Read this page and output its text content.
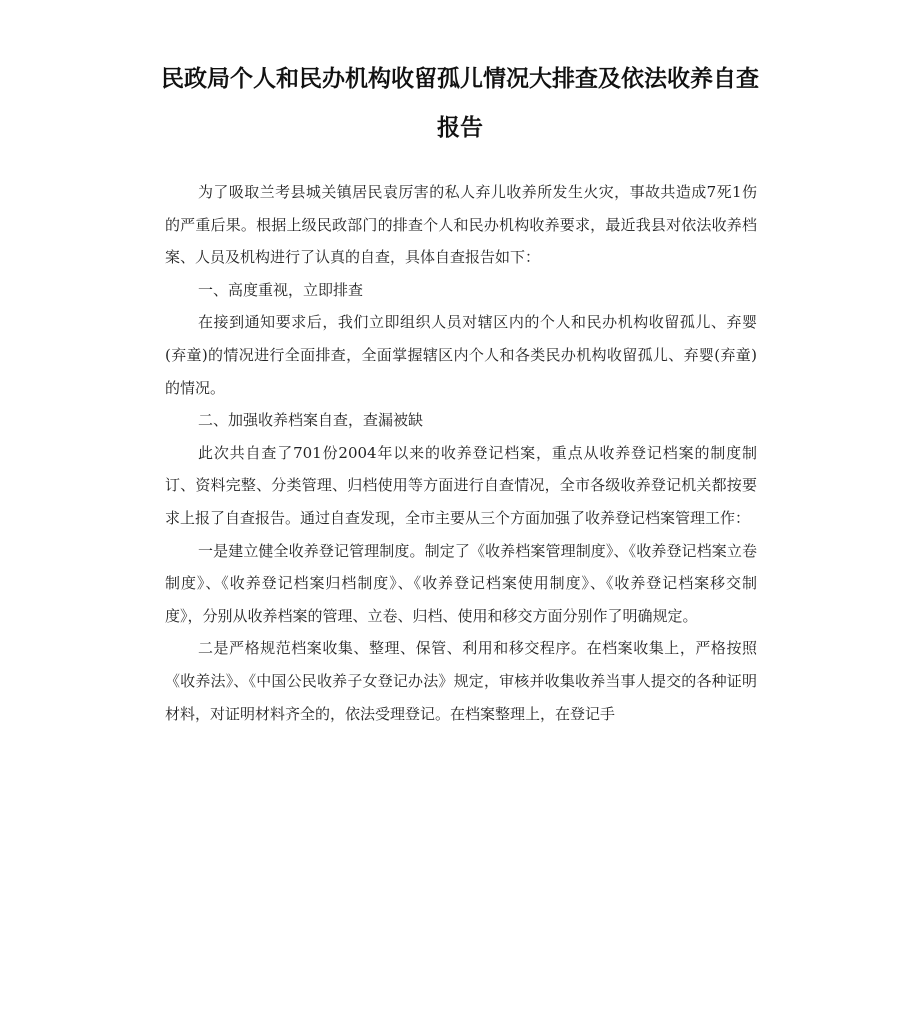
民政局个人和民办机构收留孤儿情况大排查及依法收养自查
报告

为了吸取兰考县城关镇居民袁厉害的私人弃儿收养所发生火灾，事故共造成7死1伤的严重后果。根据上级民政部门的排查个人和民办机构收养要求，最近我县对依法收养档案、人员及机构进行了认真的自查，具体自查报告如下：

一、高度重视，立即排查

在接到通知要求后，我们立即组织人员对辖区内的个人和民办机构收留孤儿、弃婴(弃童)的情况进行全面排查，全面掌握辖区内个人和各类民办机构收留孤儿、弃婴(弃童)的情况。

二、加强收养档案自查，查漏被缺

此次共自查了701份2004年以来的收养登记档案，重点从收养登记档案的制度制订、资料完整、分类管理、归档使用等方面进行自查情况，全市各级收养登记机关都按要求上报了自查报告。通过自查发现，全市主要从三个方面加强了收养登记档案管理工作：

一是建立健全收养登记管理制度。制定了《收养档案管理制度》、《收养登记档案立卷制度》、《收养登记档案归档制度》、《收养登记档案使用制度》、《收养登记档案移交制度》，分别从收养档案的管理、立卷、归档、使用和移交方面分别作了明确规定。

二是严格规范档案收集、整理、保管、利用和移交程序。在档案收集上，严格按照《收养法》、《中国公民收养子女登记办法》规定，审核并收集收养当事人提交的各种证明材料，对证明材料齐全的，依法受理登记。在档案整理上，在登记手
